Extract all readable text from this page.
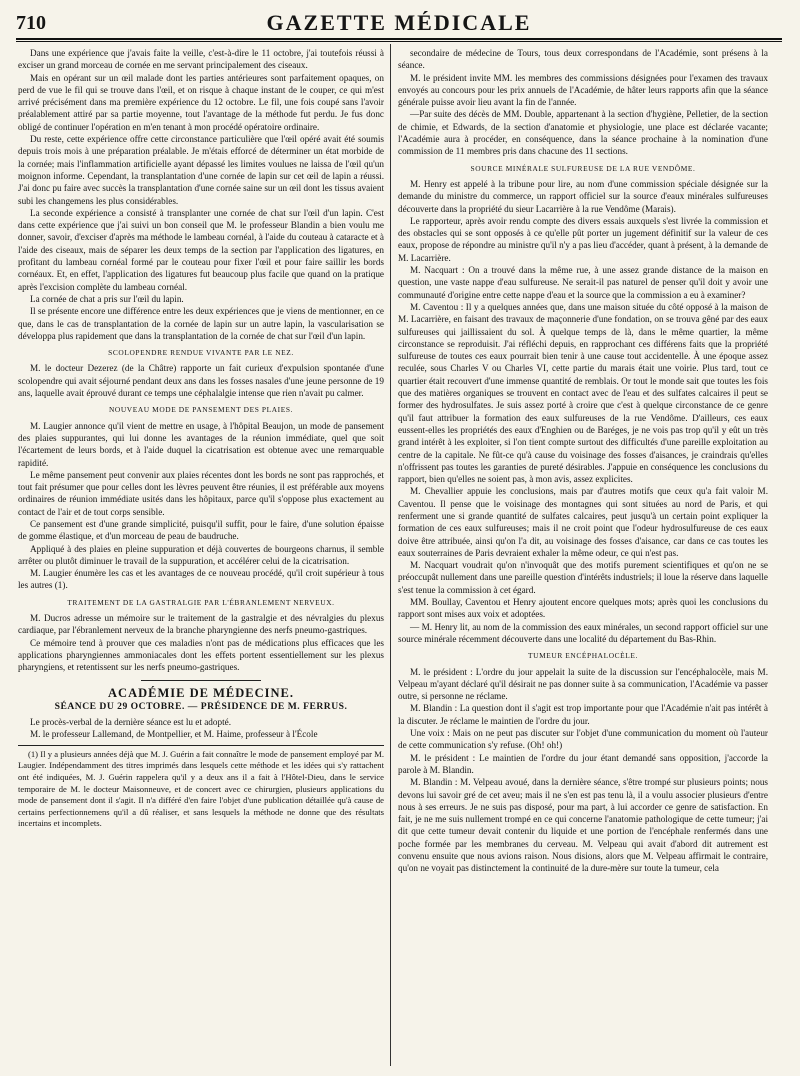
710	GAZETTE MÉDICALE

Dans une expérience que j'avais faite la veille, c'est-à-dire le 11 octobre, j'ai toutefois réussi à exciser un grand morceau de cornée en me servant principalement des ciseaux.

Mais en opérant sur un œil malade dont les parties antérieures sont parfaitement opaques, on perd de vue le fil qui se trouve dans l'œil, et on risque à chaque instant de le couper, ce qui m'est arrivé précisément dans ma première expérience du 12 octobre. Le fil, une fois coupé sans l'avoir préalablement attiré par sa partie moyenne, tout l'avantage de la méthode fut perdu. Je fus donc obligé de continuer l'opération en m'en tenant à mon procédé opératoire ordinaire.

Du reste, cette expérience offre cette circonstance particulière que l'œil opéré avait été soumis depuis trois mois à une préparation préalable. Je m'étais efforcé de déterminer un état morbide de la cornée; mais l'inflammation artificielle ayant dépassé les limites voulues ne laissa de l'œil qu'un moignon informe. Cependant, la transplantation d'une cornée de lapin sur cet œil de lapin a réussi. J'ai donc pu faire avec succès la transplantation d'une cornée saine sur un œil dont les tissus avaient subi les changemens les plus considérables.

La seconde expérience a consisté à transplanter une cornée de chat sur l'œil d'un lapin. C'est dans cette expérience que j'ai suivi un bon conseil que M. le professeur Blandin a bien voulu me donner, savoir, d'exciser d'après ma méthode le lambeau cornéal, à l'aide du couteau à cataracte et à l'aide des ciseaux, mais de séparer les deux temps de la section par l'application des ligatures, en profitant du lambeau cornéal formé par le couteau pour fixer l'œil et pour faire saillir les bords cornéaux. Et, en effet, l'application des ligatures fut beaucoup plus facile que quand on la pratique après l'excision complète du lambeau cornéal.

La cornée de chat a pris sur l'œil du lapin.

Il se présente encore une différence entre les deux expériences que je viens de mentionner, en ce que, dans le cas de transplantation de la cornée de lapin sur un autre lapin, la vascularisation se développa plus rapidement que dans la transplantation de la cornée de chat sur l'œil d'un lapin.

SCOLOPENDRE RENDUE VIVANTE PAR LE NEZ.

M. le docteur Dezerez (de la Châtre) rapporte un fait curieux d'expulsion spontanée d'une scolopendre qui avait séjourné pendant deux ans dans les fosses nasales d'une jeune personne de 19 ans, laquelle avait éprouvé durant ce temps une céphalalgie intense que rien n'avait pu calmer.

NOUVEAU MODE DE PANSEMENT DES PLAIES.

M. Laugier annonce qu'il vient de mettre en usage, à l'hôpital Beaujon, un mode de pansement des plaies suppurantes, qui lui donne les avantages de la réunion immédiate, quel que soit l'écartement de leurs bords, et à l'aide duquel la cicatrisation est obtenue avec une remarquable rapidité.

Le même pansement peut convenir aux plaies récentes dont les bords ne sont pas rapprochés, et tout fait présumer que pour celles dont les lèvres peuvent être réunies, il est préférable aux moyens ordinaires de réunion immédiate usités dans les hôpitaux, parce qu'il s'oppose plus exactement au contact de l'air et de tout corps sensible.

Ce pansement est d'une grande simplicité, puisqu'il suffit, pour le faire, d'une solution épaisse de gomme élastique, et d'un morceau de peau de baudruche.

Appliqué à des plaies en pleine suppuration et déjà couvertes de bourgeons charnus, il semble arrêter ou plutôt diminuer le travail de la suppuration, et accélérer celui de la cicatrisation.

M. Laugier énumère les cas et les avantages de ce nouveau procédé, qu'il croit supérieur à tous les autres (1).

TRAITEMENT DE LA GASTRALGIE PAR L'ÉBRANLEMENT NERVEUX.

M. Ducros adresse un mémoire sur le traitement de la gastralgie et des névralgies du plexus cardiaque, par l'ébranlement nerveux de la branche pharyngienne des nerfs pneumo-gastriques.

Ce mémoire tend à prouver que ces maladies n'ont pas de médications plus efficaces que les applications pharyngiennes ammoniacales dont les effets portent essentiellement sur les plexus pharyngiens, et retentissent sur les nerfs pneumo-gastriques.

ACADÉMIE DE MÉDECINE.

SÉANCE DU 29 OCTOBRE. — PRÉSIDENCE DE M. FERRUS.

Le procès-verbal de la dernière séance est lu et adopté.

M. le professeur Lallemand, de Montpellier, et M. Haime, professeur à l'École

(1) Il y a plusieurs années déjà que M. J. Guérin a fait connaître le mode de pansement employé par M. Laugier. Indépendamment des titres imprimés dans lesquels cette méthode et les idées qui s'y rattachent ont été indiquées, M. J. Guérin rappelera qu'il y a deux ans il a fait à l'Hôtel-Dieu, dans le service temporaire de M. le docteur Maisonneuve, et de concert avec ce chirurgien, plusieurs applications du mode de pansement dont il s'agit. Il n'a différé d'en faire l'objet d'une publication détaillée qu'à cause de certains perfectionnemens qu'il a dû réaliser, et sans lesquels la méthode ne donne que des résultats incertains et incomplets.

secondaire de médecine de Tours, tous deux correspondans de l'Académie, sont présens à la séance.

M. le président invite MM. les membres des commissions désignées pour l'examen des travaux envoyés au concours pour les prix annuels de l'Académie, de hâter leurs rapports afin que la séance générale puisse avoir lieu avant la fin de l'année.

—Par suite des décès de MM. Double, appartenant à la section d'hygiène, Pelletier, de la section de chimie, et Edwards, de la section d'anatomie et physiologie, une place est déclarée vacante; l'Académie aura à procéder, en conséquence, dans la séance prochaine à la nomination d'une commission de 11 membres pris dans chacune des 11 sections.

SOURCE MINÉRALE SULFUREUSE DE LA RUE VENDÔME.

M. Henry est appelé à la tribune pour lire, au nom d'une commission spéciale désignée sur la demande du ministre du commerce, un rapport officiel sur la source d'eaux minérales sulfureuses découverte dans la propriété du sieur Lacarrière à la rue Vendôme (Marais).

Le rapporteur, après avoir rendu compte des divers essais auxquels s'est livrée la commission et des obstacles qui se sont opposés à ce qu'elle pût porter un jugement définitif sur la valeur de ces eaux, propose de répondre au ministre qu'il n'y a pas lieu d'accéder, quant à présent, à la demande de M. Lacarrière.

M. Nacquart : On a trouvé dans la même rue, à une assez grande distance de la maison en question, une vaste nappe d'eau sulfureuse. Ne serait-il pas naturel de penser qu'il doit y avoir une communauté d'origine entre cette nappe d'eau et la source que la commission a eu à examiner?

M. Caventou : Il y a quelques années que, dans une maison située du côté opposé à la maison de M. Lacarrière, en faisant des travaux de maçonnerie d'une fondation, on se trouva gêné par des eaux sulfureuses qui jaillissaient du sol. À quelque temps de là, dans le même quartier, la même circonstance se reproduisit. J'ai réfléchi depuis, en rapprochant ces différens faits que la propriété sulfureuse de toutes ces eaux pourrait bien tenir à une cause tout accidentelle. À une époque assez reculée, sous Charles V ou Charles VI, cette partie du marais était une voirie. Plus tard, tout ce quartier était recouvert d'une immense quantité de remblais. Or tout le monde sait que toutes les fois que des matières organiques se trouvent en contact avec de l'eau et des sulfates calcaires il peut se former des hydrosulfates. Je suis assez porté à croire que c'est à quelque circonstance de ce genre qu'il faut attribuer la formation des eaux sulfureuses de la rue Vendôme. D'ailleurs, ces eaux eussent-elles les propriétés des eaux d'Enghien ou de Baréges, je ne vois pas trop qu'il y eût un très grand intérêt à les exploiter, si l'on tient compte surtout des difficultés d'une pareille exploitation au centre de la capitale. Ne fût-ce qu'à cause du voisinage des fosses d'aisances, je craindrais qu'elles n'offrissent pas toutes les garanties de pureté désirables. J'appuie en conséquence les conclusions du rapport, bien qu'elles ne soient pas, à mon avis, assez explicites.

M. Chevallier appuie les conclusions, mais par d'autres motifs que ceux qu'a fait valoir M. Caventou. Il pense que le voisinage des montagnes qui sont situées au nord de Paris, et qui renferment une si grande quantité de sulfates calcaires, peut jusqu'à un certain point expliquer la formation de ces eaux sulfureuses; mais il ne croit point que l'odeur hydrosulfureuse de ces eaux doive être attribuée, ainsi qu'on l'a dit, au voisinage des fosses d'aisance, car dans ce cas toutes les eaux souterraines de Paris devraient exhaler la même odeur, ce qui n'est pas.

M. Nacquart voudrait qu'on n'invoquât que des motifs purement scientifiques et qu'on ne se préoccupât nullement dans une pareille question d'intérêts industriels; il loue la réserve dans laquelle s'est tenue la commission à cet égard.

MM. Boullay, Caventou et Henry ajoutent encore quelques mots; après quoi les conclusions du rapport sont mises aux voix et adoptées.

— M. Henry lit, au nom de la commission des eaux minérales, un second rapport officiel sur une source minérale récemment découverte dans une localité du département du Bas-Rhin.

TUMEUR ENCÉPHALOCÈLE.

M. le président : L'ordre du jour appelait la suite de la discussion sur l'encéphalocèle, mais M. Velpeau m'ayant déclaré qu'il désirait ne pas donner suite à sa communication, l'Académie va passer outre, si personne ne réclame.

M. Blandin : La question dont il s'agit est trop importante pour que l'Académie n'ait pas intérêt à la discuter. Je réclame le maintien de l'ordre du jour.

Une voix : Mais on ne peut pas discuter sur l'objet d'une communication du moment où l'auteur de cette communication s'y refuse. (Oh! oh!)

M. le président : Le maintien de l'ordre du jour étant demandé sans opposition, j'accorde la parole à M. Blandin.

M. Blandin : M. Velpeau avoué, dans la dernière séance, s'être trompé sur plusieurs points; nous devons lui savoir gré de cet aveu; mais il ne s'en est pas tenu là, il a voulu associer plusieurs d'entre nous à ses erreurs. Je ne suis pas disposé, pour ma part, à lui accorder ce genre de satisfaction. En fait, je ne me suis nullement trompé en ce qui concerne l'anatomie pathologique de cette tumeur; j'ai dit que cette tumeur devait contenir du liquide et une portion de l'encéphale renfermés dans une poche formée par les membranes du cerveau. M. Velpeau qui avait d'abord dit autrement est convenu ensuite que nous avions raison. Nous disions, alors que M. Velpeau affirmait le contraire, qu'on ne voyait pas distinctement la continuité de la dure-mère sur toute la tumeur, cela
